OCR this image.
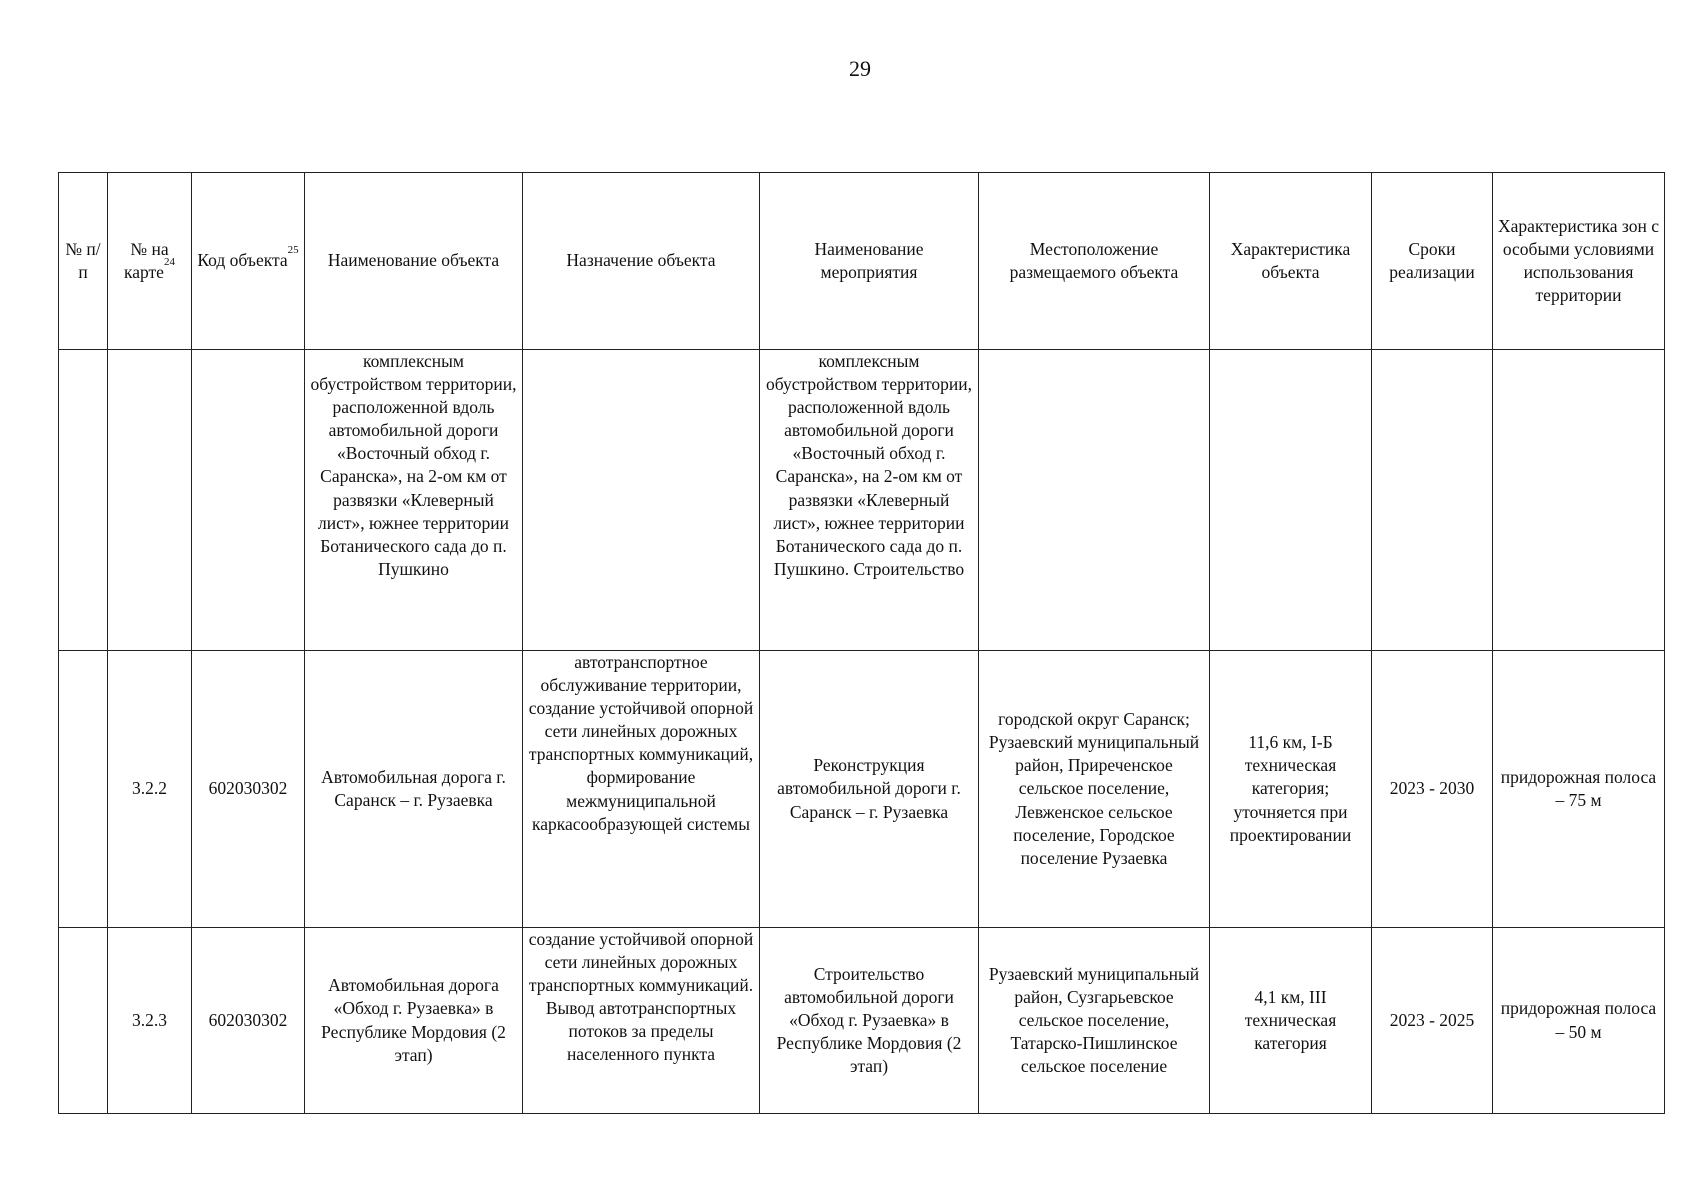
29
№ п/п	№ на карте$^{24}$	Код объекта$^{25}$	Наименование объекта	Назначение объекта	Наименование мероприятия	Местоположение размещаемого объекта	Характеристика объекта	Сроки реализации	Характеристика зон с особыми условиями использования территории
			комплексным обустройством территории, расположенной вдоль автомобильной дороги «Восточный обход г. Саранска», на 2-ом км от развязки «Клеверный лист», южнее территории Ботанического сада до п. Пушкино		комплексным обустройством территории, расположенной вдоль автомобильной дороги «Восточный обход г. Саранска», на 2-ом км от развязки «Клеверный лист», южнее территории Ботанического сада до п. Пушкино. Строительство				
	3.2.2	602030302	Автомобильная дорога г. Саранск – г. Рузаевка	автотранспортное обслуживание территории, создание устойчивой опорной сети линейных дорожных транспортных коммуникаций, формирование межмуниципальной каркасообразующей системы	Реконструкция автомобильной дороги г. Саранск – г. Рузаевка	городской округ Саранск; Рузаевский муниципальный район, Приреченское сельское поселение, Левженское сельское поселение, Городское поселение Рузаевка	11,6 км, I-Б техническая категория; уточняется при проектировании	2023 - 2030	придорожная полоса – 75 м
	3.2.3	602030302	Автомобильная дорога «Обход г. Рузаевка» в Республике Мордовия (2 этап)	создание устойчивой опорной сети линейных дорожных транспортных коммуникаций. Вывод автотранспортных потоков за пределы населенного пункта	Строительство автомобильной дороги «Обход г. Рузаевка» в Республике Мордовия (2 этап)	Рузаевский муниципальный район, Сузгарьевское сельское поселение, Татарско-Пишлинское сельское поселение	4,1 км, III техническая категория	2023 - 2025	придорожная полоса – 50 м
